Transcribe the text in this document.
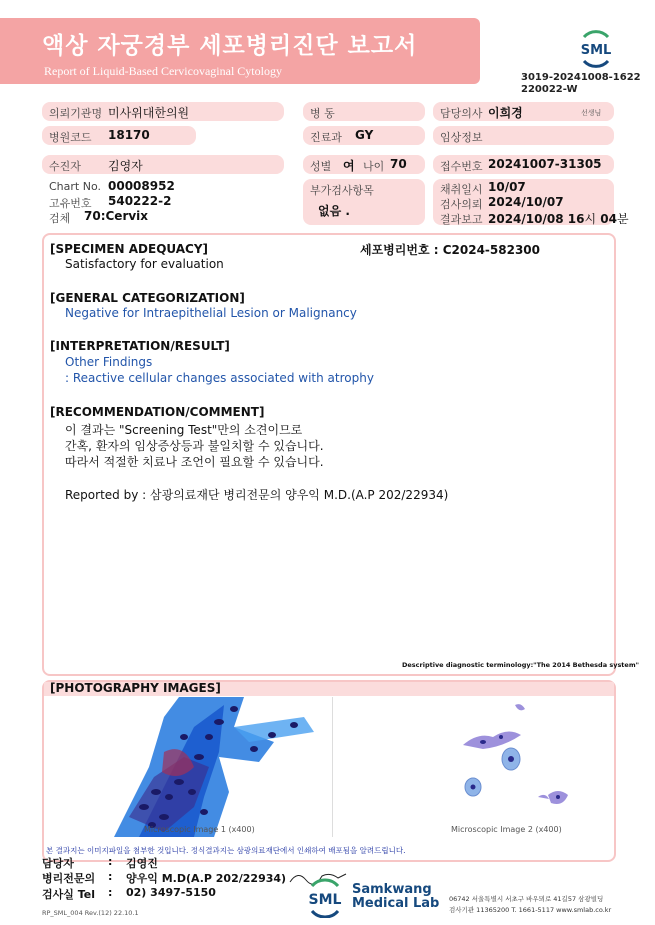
액상 자궁경부 세포병리진단 보고서
Report of Liquid-Based Cervicovaginal Cytology
SML
3019-20241008-1622
220022-W
의뢰기관명 미사위대한의원	병 동	담당의사 이희경	선생님
병원코드 18170	진료과 GY	임상정보
수진자 김영자	성별 여 나이 70	접수번호 20241007-31305
Chart No. 00008952
고유번호 540222-2
검체 70:Cervix
부가검사항목
없음 .
채취일시 10/07
검사의뢰 2024/10/07
결과보고 2024/10/08 16시 04분
세포병리번호 : C2024-582300
[SPECIMEN ADEQUACY]
Satisfactory for evaluation
[GENERAL CATEGORIZATION]
Negative for Intraepithelial Lesion or Malignancy
[INTERPRETATION/RESULT]
Other Findings
: Reactive cellular changes associated with atrophy
[RECOMMENDATION/COMMENT]
이 결과는 "Screening Test"만의 소견이므로
간혹, 환자의 임상증상등과 불일치할 수 있습니다.
따라서 적절한 치료나 조언이 필요할 수 있습니다.
Reported by : 삼광의료재단 병리전문의 양우익 M.D.(A.P 202/22934)
Descriptive diagnostic terminology:"The 2014 Bethesda system"
[PHOTOGRAPHY IMAGES]
Microscopic Image 1 (x400)	Microscopic Image 2 (x400)
본 결과지는 이미지파일을 첨부한 것입니다. 정식결과지는 삼광의료재단에서 인쇄하여 배포됨을 알려드립니다.
담당자	: 김영진
병리전문의 : 양우익 M.D(A.P 202/22934)
검사실 Tel : 02) 3497-5150	SML
Samkwang
Medical Lab 06742 서울특별시 서초구 바우뫼로 41길57 삼광빌딩
검사기관 11365200 T. 1661-5117 www.smlab.co.kr
RP_SML_004 Rev.(12) 22.10.1
